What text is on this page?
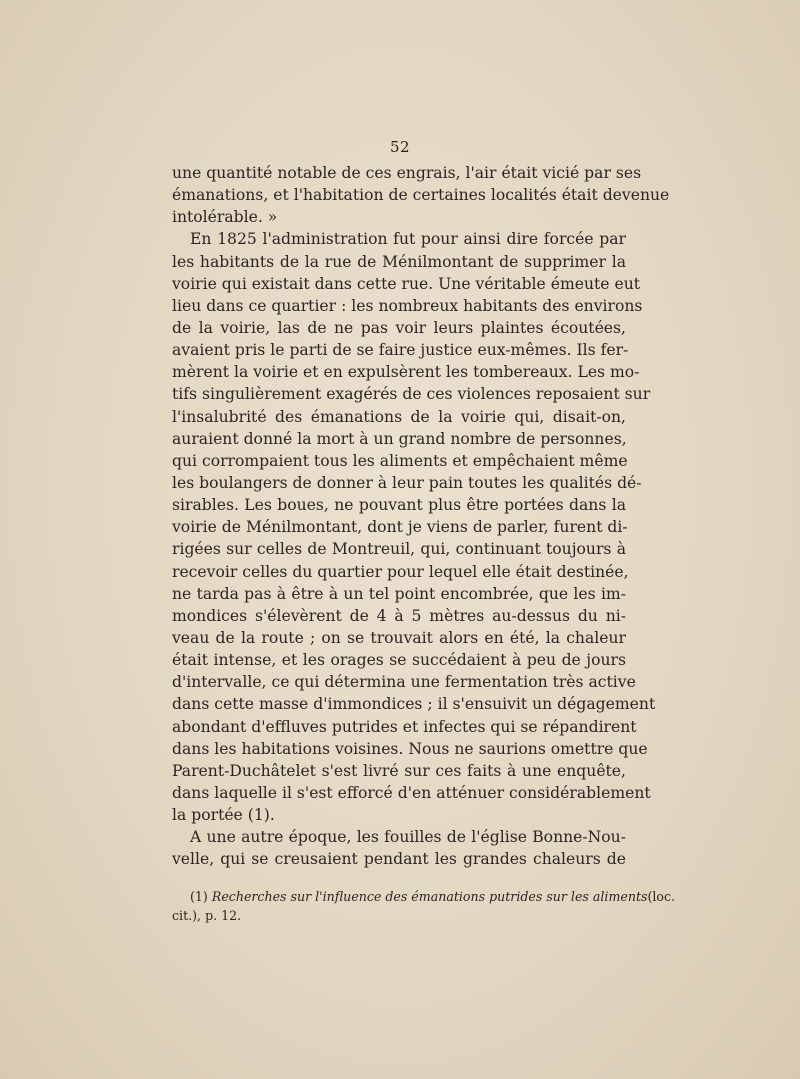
52
une quantité notable de ces engrais, l'air était vicié par ses
émanations, et l'habitation de certaines localités était devenue
intolérable. »
En 1825 l'administration fut pour ainsi dire forcée par
les habitants de la rue de Ménilmontant de supprimer la
voirie qui existait dans cette rue. Une véritable émeute eut
lieu dans ce quartier : les nombreux habitants des environs
de la voirie, las de ne pas voir leurs plaintes écoutées,
avaient pris le parti de se faire justice eux-mêmes. Ils fer-
mèrent la voirie et en expulsèrent les tombereaux. Les mo-
tifs singulièrement exagérés de ces violences reposaient sur
l'insalubrité des émanations de la voirie qui, disait-on,
auraient donné la mort à un grand nombre de personnes,
qui corrompaient tous les aliments et empêchaient même
les boulangers de donner à leur pain toutes les qualités dé-
sirables. Les boues, ne pouvant plus être portées dans la
voirie de Ménilmontant, dont je viens de parler, furent di-
rigées sur celles de Montreuil, qui, continuant toujours à
recevoir celles du quartier pour lequel elle était destinée,
ne tarda pas à être à un tel point encombrée, que les im-
mondices s'élevèrent de 4 à 5 mètres au-dessus du ni-
veau de la route ; on se trouvait alors en été, la chaleur
était intense, et les orages se succédaient à peu de jours
d'intervalle, ce qui détermina une fermentation très active
dans cette masse d'immondices ; il s'ensuivit un dégagement
abondant d'effluves putrides et infectes qui se répandirent
dans les habitations voisines. Nous ne saurions omettre que
Parent-Duchâtelet s'est livré sur ces faits à une enquête,
dans laquelle il s'est efforcé d'en atténuer considérablement
la portée (1).
A une autre époque, les fouilles de l'église Bonne-Nou-
velle, qui se creusaient pendant les grandes chaleurs de
(1) Recherches sur l'influence des émanations putrides sur les aliments(loc.
cit.), p. 12.
